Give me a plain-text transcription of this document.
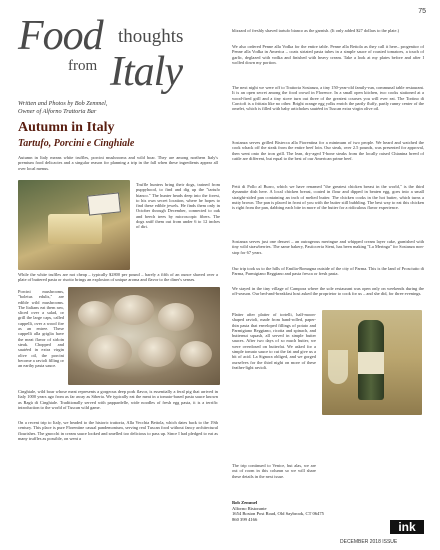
75
Food thoughts
from Italy
Written and Photos by Bob Zemmel,
Owner of Alforno Trattoria Bar
Autumn in Italy
Tartufo, Porcini e Cinghiale

Autumn in Italy means white truffles, porcini mushrooms and wild boar. They are among northern Italy's premium food delicacies and a singular reason for planning a trip in the fall when these ingredients appear all over local menus.

Truffle hunters bring their dogs, trained from puppyhood, to find and dig up the "tartufo bianco." The hunter heads deep into the forest, to his own secret location, where he hopes to find these edible jewels. He finds them only in October through December, connected to oak and beech trees by microscopic fibers. The dogs sniff them out from under 6 to 12 inches of dirt.

While the white truffles are not cheap – typically $2800 per pound – barely a fifth of an ounce shaved over a plate of buttered pasta or risotto brings an explosion of unique aroma and flavor to the diner's senses.

Porcini mushrooms, "boletus edulis," are edible wild mushrooms. The Italians eat them raw, sliced over a salad, or grill the large caps, called cappelli, over a wood fire as an entree. These cappelli alla griglia have the meat flavor of sirloin steak. Chopped and sautéed in extra virgin olive oil, the porcini become a ravioli filling or an earthy pasta sauce.

Cinghiale, wild boar whose meat represents a gorgeous deep pork flavor, is essentially a feral pig that arrived in Italy 1000 years ago from as far away as Siberia. We typically eat the meat in a tomato-based pasta sauce known as Ragù di Cinghiale. Traditionally served with pappardelle, wide noodles of fresh egg pasta, it is a terrific introduction to the world of Tuscan wild game.

On a recent trip to Italy, we headed to the historic trattoria, Alla Vecchia Bettola, which dates back to the 19th century. This place is pure Florentine casual pandemonium, serving real Tuscan food without fancy architectural flourishes. The gnocchi in cream sauce looked and smelled too delicious to pass up. Since I had pledged to eat as many truffles as possible, on went a

blizzard of freshly shaved tartufo bianco as the garnish. (It only added $27 dollars to the plate.)

We also ordered Penne alla Vodka for the entire table. Penne alla Bettola as they call it here– progenitor of Penne alla Vodka in America – coats striated pasta tubes in a simple sauce of roasted tomatoes, a touch of garlic, deglazed with vodka and finished with heavy cream. Take a look at my plates before and after I wolfed down my portion.

The next night we were off to Trattoria Sostanza, a tiny 150-year-old family-run, communal table restaurant. It is an open secret among the food crowd in Florence. In a small open kitchen, two cooks stationed at a wood-fired grill and a tiny stove turn out three of the greatest courses you will ever eat. The Tortino di Carciofi is a frittata like no other. Bright orange egg yolks enrich the partly fluffy, partly runny center of the omelet, which is filled with baby artichokes sautéed in Tuscan extra virgin olive oil.

Sostanza serves grilled Bistecca alla Fiorentina for a minimum of two people. We heard and watched the cook whack off the steak from the entire beef loin. Our steak, over 2.5 pounds, was presented for approval, then went onto the iron grill. The lean, dry-aged T-bone steaks from the locally raised Chianina breed of cattle are different, but equal to the best of our American prime beef.

Petti di Pollo al Burro, which we have renamed "the greatest chicken breast in the world," is the third dynamite dish here. A local chicken breast, coated in flour and dipped in beaten egg, goes into a small straight-sided pan containing an inch of melted butter. The chicken cooks in the hot butter, which turns a nutty brown. The pan is placed in front of you with the butter still bubbling. The best way to eat this chicken is right from the pan, dabbing each bite in more of the butter for a ridiculous flavor experience.

Sostanza serves just one dessert – an outrageous meringue and whipped cream layer cake, garnished with tiny wild strawberries. The same bakery, Pasticceria Sieni, has been making "La Meringa" for Sostanza non-stop for 67 years.

Our trip took us to the hills of Emilia-Romagna outside of the city of Parma. This is the land of Prosciutto di Parma, Parmigiano Reggiano and pasta fresca or fresh pasta.

We stayed in the tiny village of Campora where the sole restaurant was open only on weekends during the off-season. Our bed-and-breakfast host asked the proprietor to cook for us – and she did, for three evenings.

Platter after platter of tortelli, half-moon-shaped ravioli, made from hand-rolled, paper-thin pasta that enveloped fillings of potato and Parmigiano Reggiano, ricotta and spinach, and butternut squash, all served in simple butter sauces. After two days of so much butter, we were overdosed on butterfat. We asked for a simple tomato sauce to cut the fat and give us a bit of acid. La Signora obliged, and we gorged ourselves for the third night on more of these feather-light ravioli.

The trip continued to Venice, but alas, we are out of room in this column so we will share these details in the next issue.

Bob Zemmel
Alforno Ristorante
1654 Boston Post Road, Old Saybrook, CT 06475
860 399 4166
ink
DECEMBER 2018 ISSUE
